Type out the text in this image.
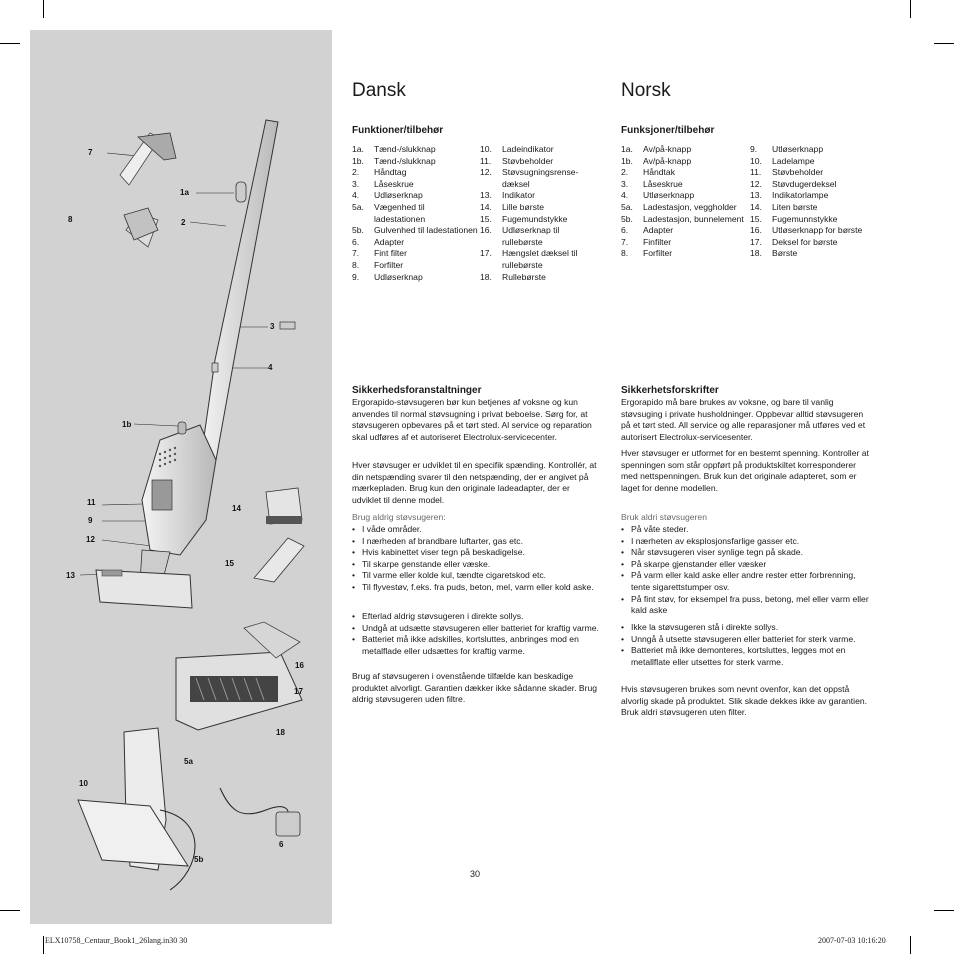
7
8
1a
2
3
4
1b
11
9
12
13
14
15
16
17
18
5a
10
6
5b
Dansk
Funktioner/tilbehør
1a.	Tænd-/slukknap
1b.	Tænd-/slukknap
2.	Håndtag
3.	Låseskrue
4.	Udløserknap
5a.	Vægenhed til ladestationen
5b.	Gulvenhed til ladestationen
6.	Adapter
7.	Fint filter
8.	Forfilter
9.	Udløserknap
10.	Ladeindikator
11.	Støvbeholder
12.	Støvsugningsrense-dæksel
13.	Indikator
14.	Lille børste
15.	Fugemundstykke
16.	Udløserknap til rullebørste
17.	Hængslet dæksel til rullebørste
18.	Rullebørste
Sikkerhedsforanstaltninger

Ergorapido-støvsugeren bør kun betjenes af voksne og kun anvendes til normal støvsugning i privat beboelse. Sørg for, at støvsugeren opbevares på et tørt sted. Al service og reparation skal udføres af et autoriseret Electrolux-servicecenter.

Hver støvsuger er udviklet til en specifik spænding. Kontrollér, at din netspænding svarer til den netspænding, der er angivet på mærkepladen. Brug kun den originale ladeadapter, der er udviklet til denne model.

Brug aldrig støvsugeren:
• I våde områder.
• I nærheden af brandbare luftarter, gas etc.
• Hvis kabinettet viser tegn på beskadigelse.
• Til skarpe genstande eller væske.
• Til varme eller kolde kul, tændte cigaretskod etc.
• Til flyvestøv, f.eks. fra puds, beton, mel, varm eller kold aske.
• Efterlad aldrig støvsugeren i direkte sollys.
• Undgå at udsætte støvsugeren eller batteriet for kraftig varme.
• Batteriet må ikke adskilles, kortsluttes, anbringes mod en metalflade eller udsættes for kraftig varme.

Brug af støvsugeren i ovenstående tilfælde kan beskadige produktet alvorligt. Garantien dækker ikke sådanne skader. Brug aldrig støvsugeren uden filtre.

Norsk
Funksjoner/tilbehør
1a.	Av/på-knapp
1b.	Av/på-knapp
2.	Håndtak
3.	Låseskrue
4.	Utløserknapp
5a.	Ladestasjon, veggholder
5b.	Ladestasjon, bunnelement
6.	Adapter
7.	Finfilter
8.	Forfilter
9.	Utløserknapp
10.	Ladelampe
11.	Støvbeholder
12.	Støvdugerdeksel
13.	Indikatorlampe
14.	Liten børste
15.	Fugemunnstykke
16.	Utløserknapp for børste
17.	Deksel for børste
18.	Børste
Sikkerhetsforskrifter

Ergorapido må bare brukes av voksne, og bare til vanlig støvsuging i private husholdninger. Oppbevar alltid støvsugeren på et tørt sted. All service og alle reparasjoner må utføres ved et autorisert Electrolux-servicesenter.

Hver støvsuger er utformet for en bestemt spenning. Kontroller at spenningen som står oppført på produktskiltet korresponderer med nettspenningen. Bruk kun det originale adapteret, som er laget for denne modellen.

Bruk aldri støvsugeren
• På våte steder.
• I nærheten av eksplosjonsfarlige gasser etc.
• Når støvsugeren viser synlige tegn på skade.
• På skarpe gjenstander eller væsker
• På varm eller kald aske eller andre rester etter forbrenning, tente sigarettstumper osv.
• På fint støv, for eksempel fra puss, betong, mel eller varm eller kald aske
• Ikke la støvsugeren stå i direkte sollys.
• Unngå å utsette støvsugeren eller batteriet for sterk varme.
• Batteriet må ikke demonteres, kortsluttes, legges mot en metallflate eller utsettes for sterk varme.

Hvis støvsugeren brukes som nevnt ovenfor, kan det oppstå alvorlig skade på produktet. Slik skade dekkes ikke av garantien. Bruk aldri støvsugeren uten filter.

30
ELX10758_Centaur_Book1_26lang.in30 30	2007-07-03 10:16:20
